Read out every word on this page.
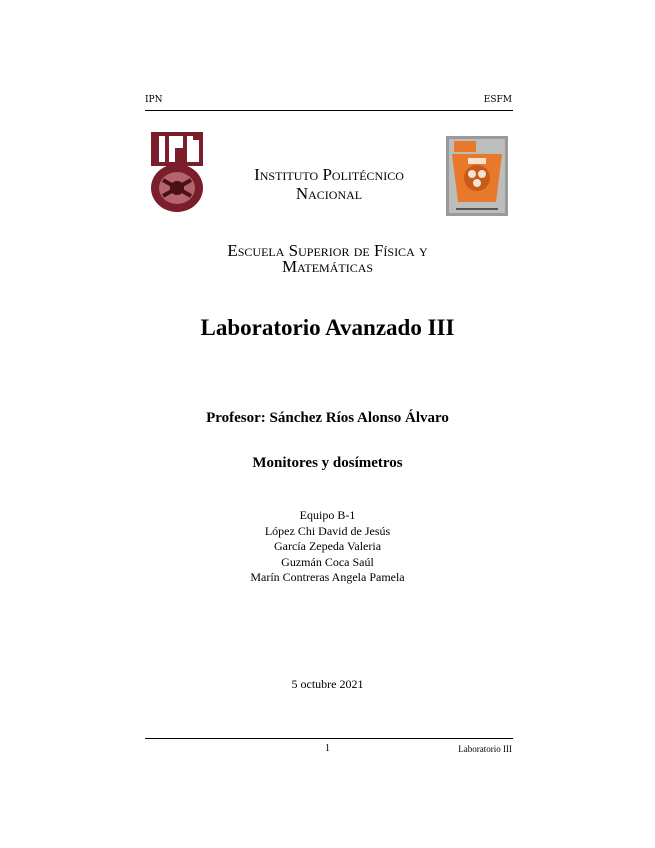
IPN	ESFM
Instituto Politécnico
Nacional
Escuela Superior de Física y
Matemáticas
Laboratorio Avanzado III
Profesor: Sánchez Ríos Alonso Álvaro
Monitores y dosímetros
Equipo B-1
López Chi David de Jesús
García Zepeda Valeria
Guzmán Coca Saúl
Marín Contreras Angela Pamela
5 octubre 2021
1	Laboratorio III
